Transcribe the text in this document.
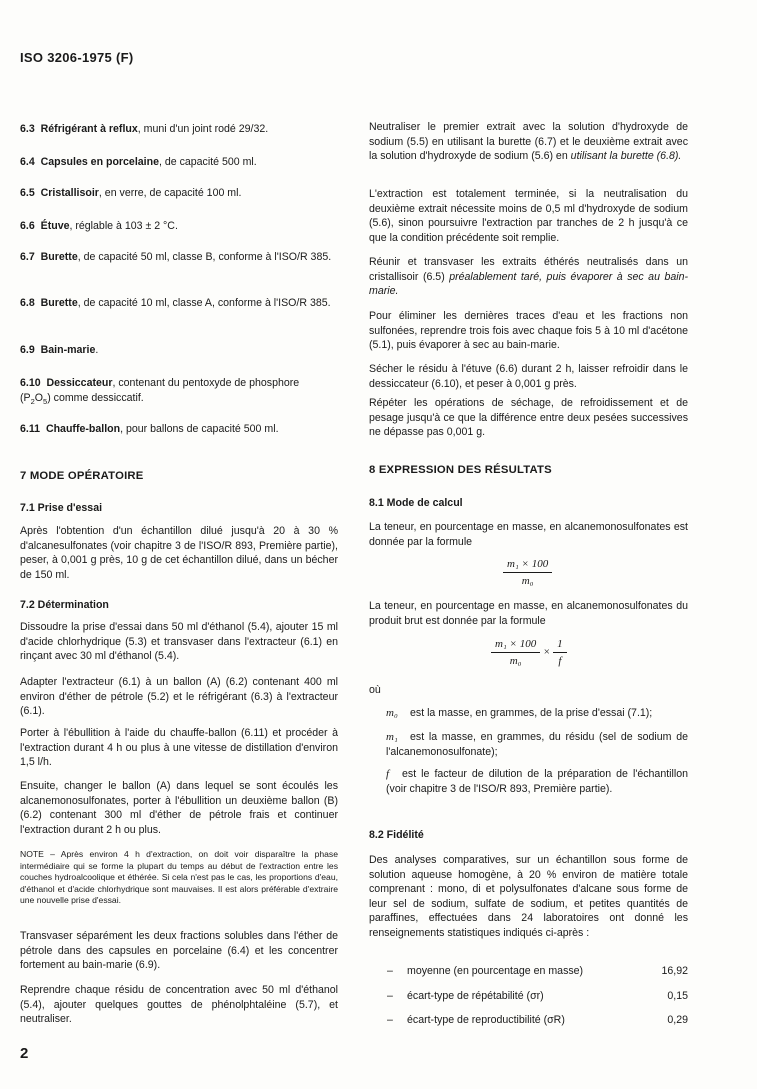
ISO 3206-1975 (F)
6.3 Réfrigérant à reflux, muni d'un joint rodé 29/32.
6.4 Capsules en porcelaine, de capacité 500 ml.
6.5 Cristallisoir, en verre, de capacité 100 ml.
6.6 Étuve, réglable à 103 ± 2 °C.
6.7 Burette, de capacité 50 ml, classe B, conforme à l'ISO/R 385.
6.8 Burette, de capacité 10 ml, classe A, conforme à l'ISO/R 385.
6.9 Bain-marie.
6.10 Dessiccateur, contenant du pentoxyde de phosphore
$(P_2O_5)$ comme dessiccatif.
6.11 Chauffe-ballon, pour ballons de capacité 500 ml.
7 MODE OPÉRATOIRE
7.1 Prise d'essai
Après l'obtention d'un échantillon dilué jusqu'à 20 à 30 % d'alcanesulfonates (voir chapitre 3 de l'ISO/R 893, Première partie), peser, à 0,001 g près, 10 g de cet échantillon dilué, dans un bécher de 150 ml.
7.2 Détermination
Dissoudre la prise d'essai dans 50 ml d'éthanol (5.4), ajouter 15 ml d'acide chlorhydrique (5.3) et transvaser dans l'extracteur (6.1) en rinçant avec 30 ml d'éthanol (5.4).
Adapter l'extracteur (6.1) à un ballon (A) (6.2) contenant 400 ml environ d'éther de pétrole (5.2) et le réfrigérant (6.3) à l'extracteur (6.1).
Porter à l'ébullition à l'aide du chauffe-ballon (6.11) et procéder à l'extraction durant 4 h ou plus à une vitesse de distillation d'environ 1,5 l/h.
Ensuite, changer le ballon (A) dans lequel se sont écoulés les alcanemonosulfonates, porter à l'ébullition un deuxième ballon (B) (6.2) contenant 300 ml d'éther de pétrole frais et continuer l'extraction durant 2 h ou plus.
NOTE – Après environ 4 h d'extraction, on doit voir disparaître la phase intermédiaire qui se forme la plupart du temps au début de l'extraction entre les couches hydroalcoolique et éthérée. Si cela n'est pas le cas, les proportions d'eau, d'éthanol et d'acide chlorhydrique sont mauvaises. Il est alors préférable d'extraire une nouvelle prise d'essai.
Transvaser séparément les deux fractions solubles dans l'éther de pétrole dans des capsules en porcelaine (6.4) et les concentrer fortement au bain-marie (6.9).
Reprendre chaque résidu de concentration avec 50 ml d'éthanol (5.4), ajouter quelques gouttes de phénolphtaléine (5.7), et neutraliser.
Neutraliser le premier extrait avec la solution d'hydroxyde de sodium (5.5) en utilisant la burette (6.7) et le deuxième extrait avec la solution d'hydroxyde de sodium (5.6) en utilisant la burette (6.8).
L'extraction est totalement terminée, si la neutralisation du deuxième extrait nécessite moins de 0,5 ml d'hydroxyde de sodium (5.6), sinon poursuivre l'extraction par tranches de 2 h jusqu'à ce que la condition précédente soit remplie.
Réunir et transvaser les extraits éthérés neutralisés dans un cristallisoir (6.5) préalablement taré, puis évaporer à sec au bain-marie.
Pour éliminer les dernières traces d'eau et les fractions non sulfonées, reprendre trois fois avec chaque fois 5 à 10 ml d'acétone (5.1), puis évaporer à sec au bain-marie.
Sécher le résidu à l'étuve (6.6) durant 2 h, laisser refroidir dans le dessiccateur (6.10), et peser à 0,001 g près.
Répéter les opérations de séchage, de refroidissement et de pesage jusqu'à ce que la différence entre deux pesées successives ne dépasse pas 0,001 g.
8 EXPRESSION DES RÉSULTATS
8.1 Mode de calcul
La teneur, en pourcentage en masse, en alcanemonosulfonates est donnée par la formule
$\frac{\text{m₁ × 100}}{\text{m₀}}$
La teneur, en pourcentage en masse, en alcanemonosulfonates du produit brut est donnée par la formule
$\frac{\text{m₁ × 100}}{\text{m₀}} \times \frac{1}{f}$
où
m₀ est la masse, en grammes, de la prise d'essai (7.1);
m₁ est la masse, en grammes, du résidu (sel de sodium de l'alcanemonosulfonate);
f est le facteur de dilution de la préparation de l'échantillon (voir chapitre 3 de l'ISO/R 893, Première partie).
8.2 Fidélité
Des analyses comparatives, sur un échantillon sous forme de solution aqueuse homogène, à 20 % environ de matière totale comprenant : mono, di et polysulfonates d'alcane sous forme de leur sel de sodium, sulfate de sodium, et petites quantités de paraffines, effectuées dans 24 laboratoires ont donné les renseignements statistiques indiqués ci-après :
– moyenne (en pourcentage en masse)	16,92
– écart-type de répétabilité (σr)	0,15
– écart-type de reproductibilité (σR)	0,29
2
